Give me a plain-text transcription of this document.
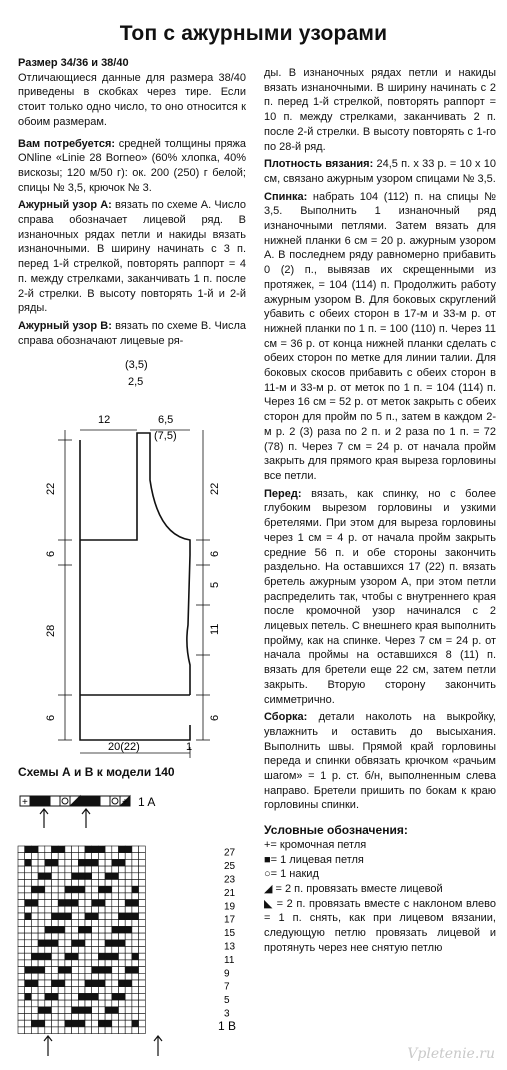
Топ с ажурными узорами

Размер 34/36 и 38/40
Отличающиеся данные для размера 38/40 приведены в скобках через тире. Если стоит только одно число, то оно относится к обоим размерам.

Вам потребуется: средней толщины пряжа ONline «Linie 28 Borneo» (60% хлопка, 40% вискозы; 120 м/50 г): ок. 200 (250) г белой; спицы № 3,5, крючок № 3.

Ажурный узор А: вязать по схеме А. Число справа обозначает лицевой ряд. В изнаночных рядах петли и накиды вязать изнаночными. В ширину начинать с 3 п. перед 1-й стрелкой, повторять раппорт = 4 п. между стрелками, заканчивать 1 п. после 2-й стрелки. В высоту повторять 1-й и 2-й ряды.

Ажурный узор В: вязать по схеме В. Числа справа обозначают лицевые ря-

ды. В изнаночных рядах петли и накиды вязать изнаночными. В ширину начинать с 2 п. перед 1-й стрелкой, повторять раппорт = 10 п. между стрелками, заканчивать 2 п. после 2-й стрелки. В высоту повторять с 1-го по 28-й ряд.

Плотность вязания: 24,5 п. х 33 р. = 10 х 10 см, связано ажурным узором спицами № 3,5.

Спинка: набрать 104 (112) п. на спицы № 3,5. Выполнить 1 изнаночный ряд изнаночными петлями. Затем вязать для нижней планки 6 см = 20 р. ажурным узором А. В последнем ряду равномерно прибавить 0 (2) п., вывязав их скрещенными из протяжек, = 104 (114) п. Продолжить работу ажурным узором В. Для боковых скруглений убавить с обеих сторон в 17-м и 33-м р. от нижней планки по 1 п. = 100 (110) п. Через 11 см = 36 р. от конца нижней планки сделать с обеих сторон по метке для линии талии. Для боковых скосов прибавить с обеих сторон в 11-м и 33-м р. от меток по 1 п. = 104 (114) п. Через 16 см = 52 р. от меток закрыть с обеих сторон для пройм по 5 п., затем в каждом 2-м р. 2 (3) раза по 2 п. и 2 раза по 1 п. = 72 (78) п. Через 7 см = 24 р. от начала пройм закрыть для прямого края выреза горловины все петли.

Перед: вязать, как спинку, но с более глубоким вырезом горловины и узкими бретелями. При этом для выреза горловины через 1 см = 4 р. от начала пройм закрыть средние 56 п. и обе стороны закончить раздельно. На оставшихся 17 (22) п. вязать бретель ажурным узором А, при этом петли распределить так, чтобы с внутреннего края после кромочной узор начинался с 2 лицевых петель. С внешнего края выполнить пройму, как на спинке. Через 7 см = 24 р. от начала проймы на оставшихся 8 (11) п. вязать для бретели еще 22 см, затем петли закрыть. Вторую сторону закончить симметрично.

Сборка: детали наколоть на выкройку, увлажнить и оставить до высыхания. Выполнить швы. Прямой край горловины переда и спинки обвязать крючком «рачьим шагом» = 1 р. ст. б/н, выполненным слева направо. Бретели пришить по бокам к краю горловины спинки.

Условные обозначения:
+= кромочная петля
■= 1 лицевая петля
○= 1 накид
◢ = 2 п. провязать вместе лицевой
◣ = 2 п. провязать вместе с наклоном влево = 1 п. снять, как при лицевом вязании, следующую петлю провязать лицевой и протянуть через нее снятую петлю
(3,5)
2,5
12	6,5
(7,5)
22
6
28
6
22
6
5
11
6
20(22)	1
Схемы А и В к модели 140
+	+ 1 A
27
25
23
21
19
17
15
13
11
9
7
5
3
1 B
Vpletenie.ru
